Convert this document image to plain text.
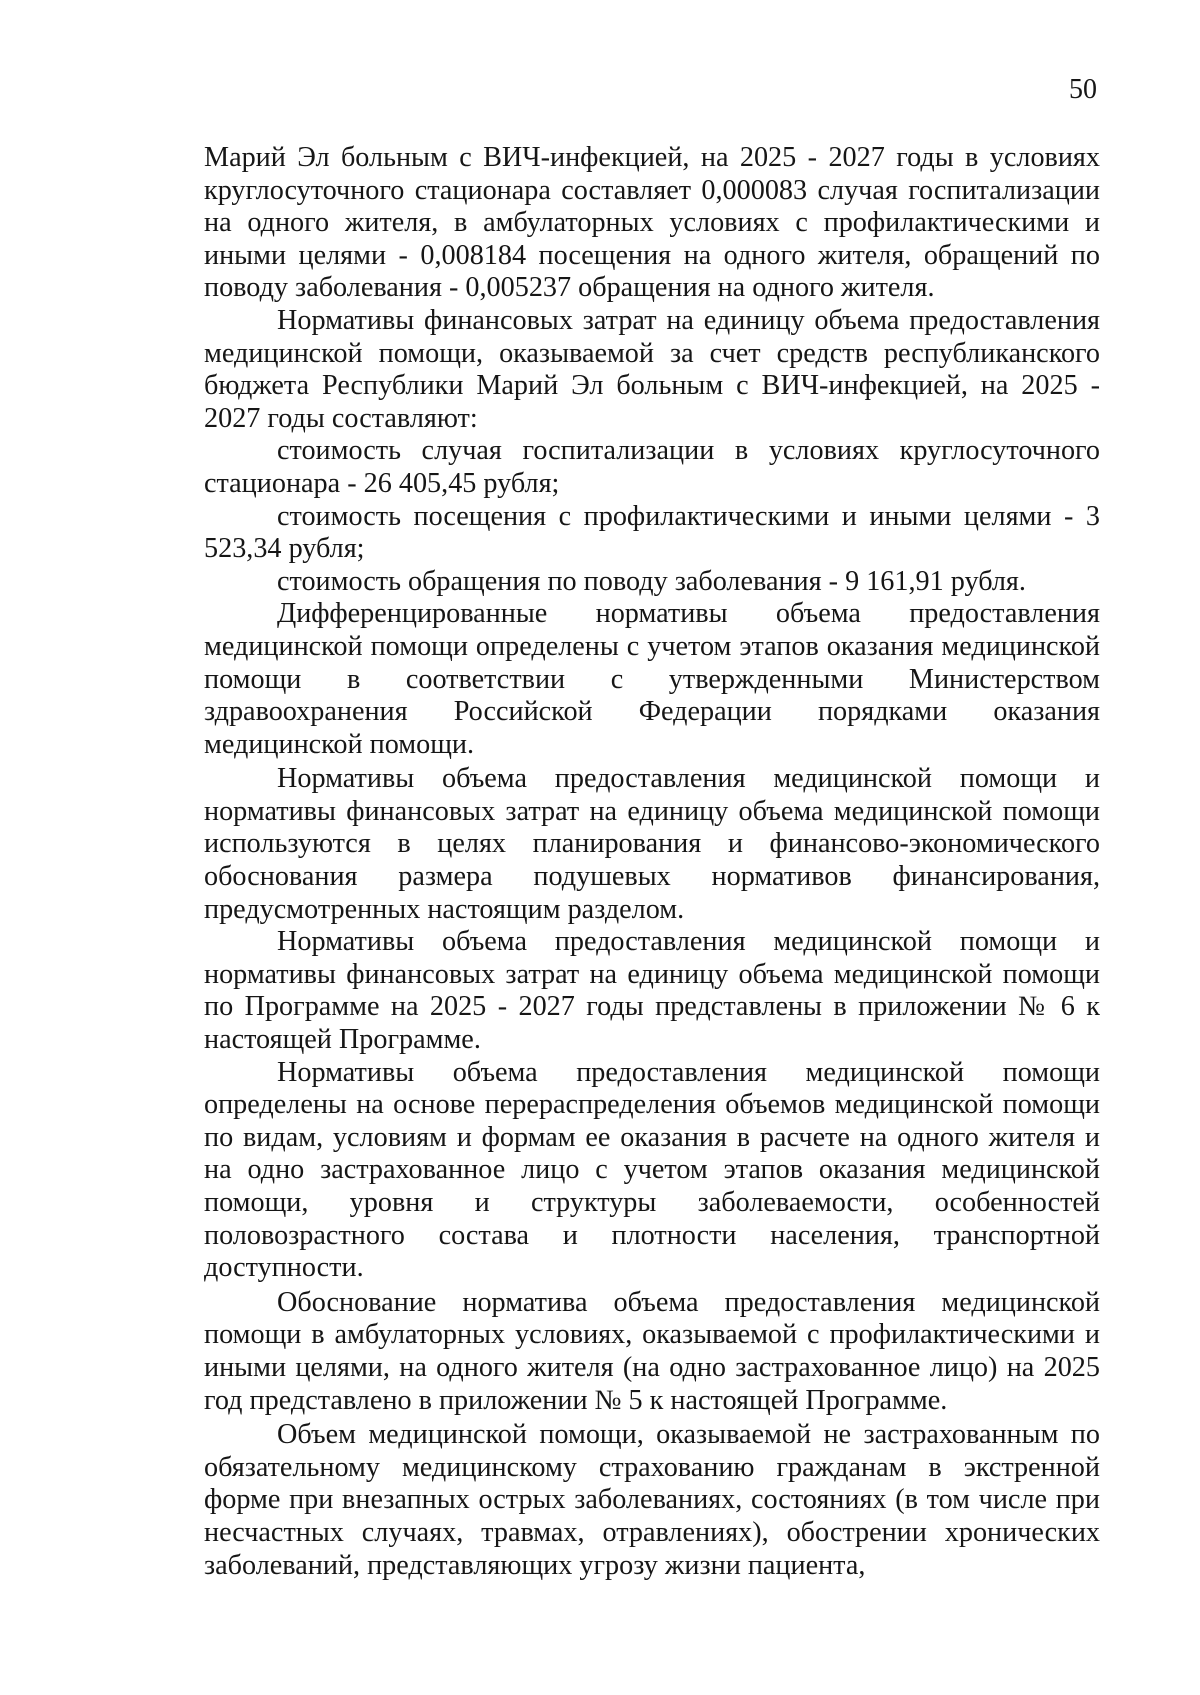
50

Марий Эл больным с ВИЧ-инфекцией, на 2025 - 2027 годы в условиях круглосуточного стационара составляет 0,000083 случая госпитализации на одного жителя, в амбулаторных условиях с профилактическими и иными целями - 0,008184 посещения на одного жителя, обращений по поводу заболевания - 0,005237 обращения на одного жителя.

Нормативы финансовых затрат на единицу объема предоставления медицинской помощи, оказываемой за счет средств республиканского бюджета Республики Марий Эл больным с ВИЧ-инфекцией, на 2025 - 2027 годы составляют:

стоимость случая госпитализации в условиях круглосуточного стационара - 26 405,45 рубля;

стоимость посещения с профилактическими и иными целями - 3 523,34 рубля;

стоимость обращения по поводу заболевания - 9 161,91 рубля.

Дифференцированные нормативы объема предоставления медицинской помощи определены с учетом этапов оказания медицинской помощи в соответствии с утвержденными Министерством здравоохранения Российской Федерации порядками оказания медицинской помощи.

Нормативы объема предоставления медицинской помощи и нормативы финансовых затрат на единицу объема медицинской помощи используются в целях планирования и финансово-экономического обоснования размера подушевых нормативов финансирования, предусмотренных настоящим разделом.

Нормативы объема предоставления медицинской помощи и нормативы финансовых затрат на единицу объема медицинской помощи по Программе на 2025 - 2027 годы представлены в приложении № 6 к настоящей Программе.

Нормативы объема предоставления медицинской помощи определены на основе перераспределения объемов медицинской помощи по видам, условиям и формам ее оказания в расчете на одного жителя и на одно застрахованное лицо с учетом этапов оказания медицинской помощи, уровня и структуры заболеваемости, особенностей половозрастного состава и плотности населения, транспортной доступности.

Обоснование норматива объема предоставления медицинской помощи в амбулаторных условиях, оказываемой с профилактическими и иными целями, на одного жителя (на одно застрахованное лицо) на 2025 год представлено в приложении № 5 к настоящей Программе.

Объем медицинской помощи, оказываемой не застрахованным по обязательному медицинскому страхованию гражданам в экстренной форме при внезапных острых заболеваниях, состояниях (в том числе при несчастных случаях, травмах, отравлениях), обострении хронических заболеваний, представляющих угрозу жизни пациента,
